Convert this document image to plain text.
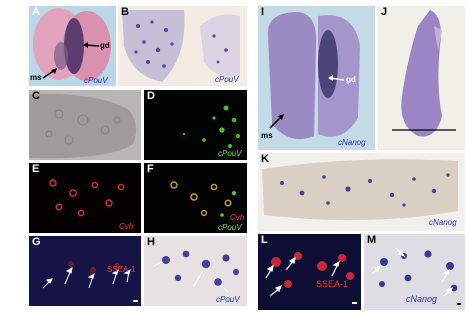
A
gd
ms	cPouV
B
cPouV
C	D
cPouV
E
Cvh
F
Cvh
cPouV
G
SSEA-1
H
cPouV
I
gd
ms
cNanog
J
K
cNanog
L
SSEA-1
M
cNanog
